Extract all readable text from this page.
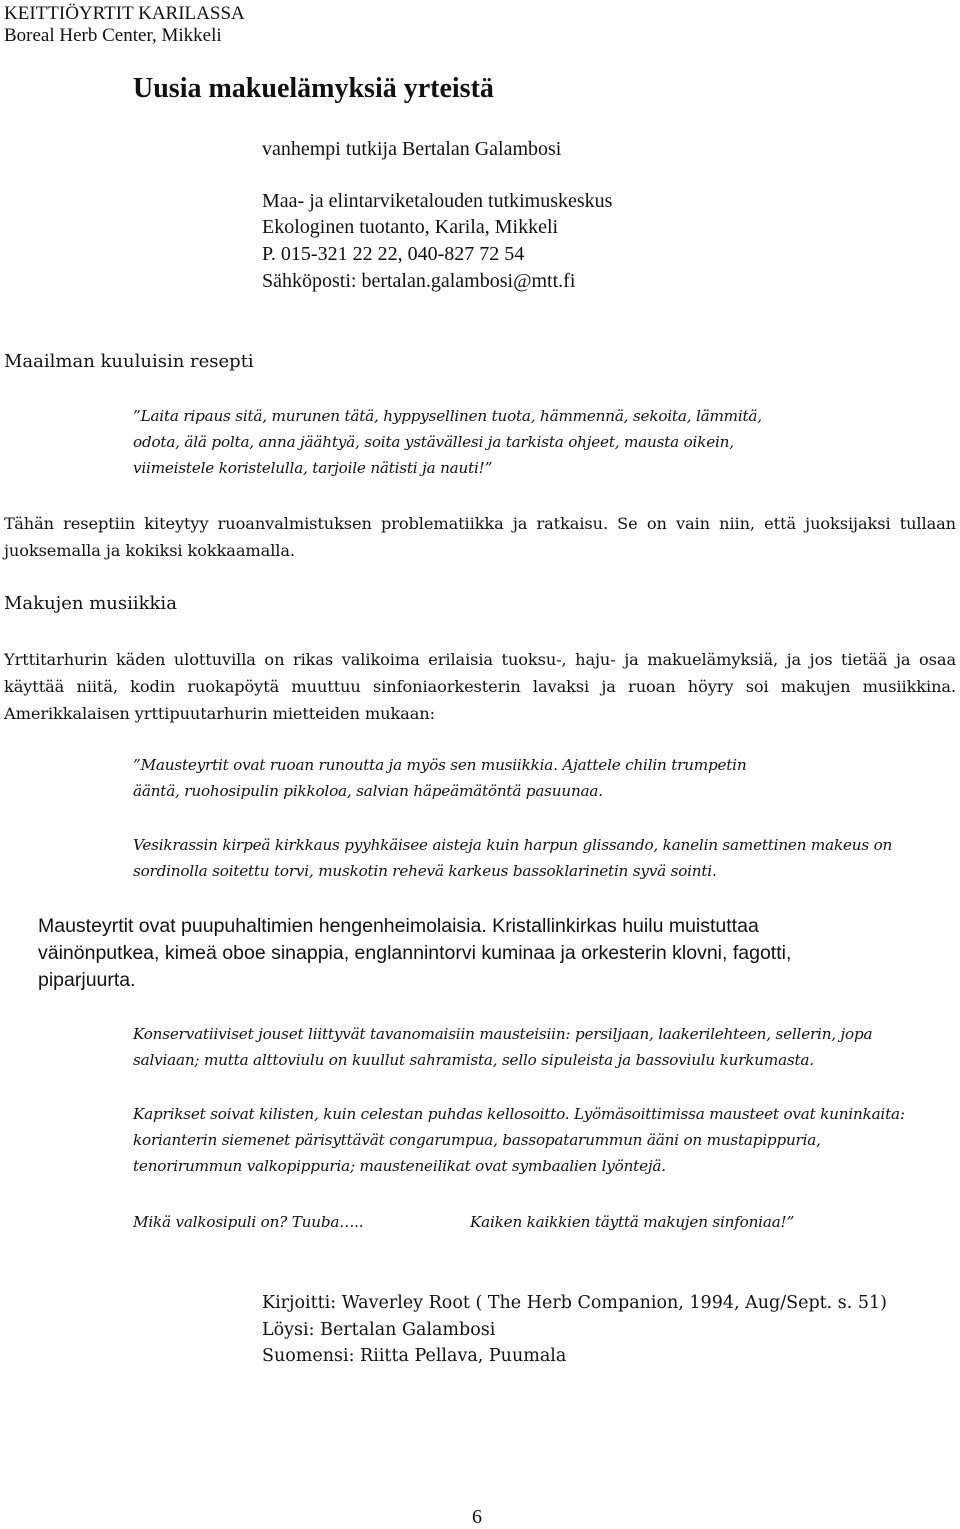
KEITTIÖYRTIT KARILASSA
Boreal Herb Center, Mikkeli
Uusia makuelämyksiä yrteistä
vanhempi tutkija Bertalan Galambosi
Maa- ja elintarviketalouden tutkimuskeskus
Ekologinen tuotanto, Karila, Mikkeli
P. 015-321 22 22, 040-827 72 54
Sähköposti: bertalan.galambosi@mtt.fi
Maailman kuuluisin resepti
”Laita ripaus sitä, murunen tätä, hyppysellinen tuota, hämmennä, sekoita, lämmitä,
odota, älä polta, anna jäähtyä, soita ystävällesi ja tarkista ohjeet, mausta oikein,
viimeistele koristelulla, tarjoile nätisti ja nauti!”

Tähän reseptiin kiteytyy ruoanvalmistuksen problematiikka ja ratkaisu. Se on vain niin, että juoksijaksi tullaan juoksemalla ja kokiksi kokkaamalla.

Makujen musiikkia

Yrttitarhurin käden ulottuvilla on rikas valikoima erilaisia tuoksu-, haju- ja makuelämyksiä, ja jos tietää ja osaa käyttää niitä, kodin ruokapöytä muuttuu sinfoniaorkesterin lavaksi ja ruoan höyry soi makujen musiikkina. Amerikkalaisen yrttipuutarhurin mietteiden mukaan:

”Mausteyrtit ovat ruoan runoutta ja myös sen musiikkia. Ajattele chilin trumpetin
ääntä, ruohosipulin pikkoloa, salvian häpeämätöntä pasuunaa.
Vesikrassin kirpeä kirkkaus pyyhkäisee aisteja kuin harpun glissando, kanelin samettinen makeus on
sordinolla soitettu torvi, muskotin rehevä karkeus bassoklarinetin syvä sointi.
Mausteyrtit ovat puupuhaltimien hengenheimolaisia. Kristallinkirkas huilu muistuttaa
väinönputkea, kimeä oboe sinappia, englannintorvi kuminaa ja orkesterin klovni, fagotti,
piparjuurta.
Konservatiiviset jouset liittyvät tavanomaisiin mausteisiin: persiljaan, laakerilehteen, sellerin, jopa
salviaan; mutta alttoviulu on kuullut sahramista, sello sipuleista ja bassoviulu kurkumasta.
Kaprikset soivat kilisten, kuin celestan puhdas kellosoitto. Lyömäsoittimissa mausteet ovat kuninkaita:
korianterin siemenet pärisyttävät congarumpua, bassopatarummun ääni on mustapippuria,
tenorirummun valkopippuria; mausteneilikat ovat symbaalien lyöntejä.
Mikä valkosipuli on? Tuuba…..	Kaiken kaikkien täyttä makujen sinfoniaa!”
Kirjoitti: Waverley Root ( The Herb Companion, 1994, Aug/Sept. s. 51)
Löysi: Bertalan Galambosi
Suomensi: Riitta Pellava, Puumala
6
